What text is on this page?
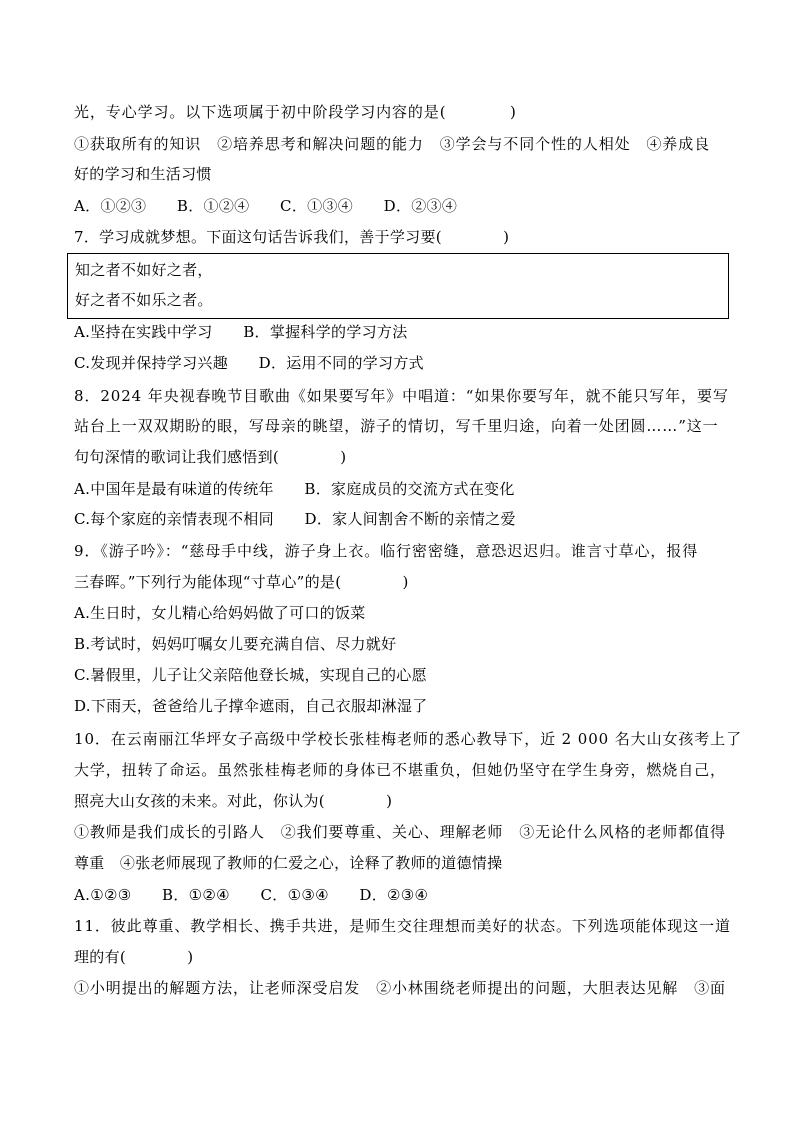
光，专心学习。以下选项属于初中阶段学习内容的是(　　　　)
①获取所有的知识　②培养思考和解决问题的能力　③学会与不同个性的人相处　④养成良
好的学习和生活习惯
A．①②③　　B．①②④　　C．①③④　　D．②③④
7．学习成就梦想。下面这句话告诉我们，善于学习要(　　　　)
知之者不如好之者，
好之者不如乐之者。
A.坚持在实践中学习　　B．掌握科学的学习方法
C.发现并保持学习兴趣　　D．运用不同的学习方式
8．2024 年央视春晚节目歌曲《如果要写年》中唱道：“如果你要写年，就不能只写年，要写
站台上一双双期盼的眼，写母亲的眺望，游子的情切，写千里归途，向着一处团圆……”这一
句句深情的歌词让我们感悟到(　　　　)
A.中国年是最有味道的传统年　　B．家庭成员的交流方式在变化
C.每个家庭的亲情表现不相同　　D．家人间割舍不断的亲情之爱
9．《游子吟》：“慈母手中线，游子身上衣。临行密密缝，意恐迟迟归。谁言寸草心，报得
三春晖。”下列行为能体现“寸草心”的是(　　　　)
A.生日时，女儿精心给妈妈做了可口的饭菜
B.考试时，妈妈叮嘱女儿要充满自信、尽力就好
C.暑假里，儿子让父亲陪他登长城，实现自己的心愿
D.下雨天，爸爸给儿子撑伞遮雨，自己衣服却淋湿了
10．在云南丽江华坪女子高级中学校长张桂梅老师的悉心教导下，近 2 000 名大山女孩考上了
大学，扭转了命运。虽然张桂梅老师的身体已不堪重负，但她仍坚守在学生身旁，燃烧自己，
照亮大山女孩的未来。对此，你认为(　　　　)
①教师是我们成长的引路人　②我们要尊重、关心、理解老师　③无论什么风格的老师都值得
尊重　④张老师展现了教师的仁爱之心，诠释了教师的道德情操
A.①②③　　B．①②④　　C．①③④　　D．②③④
11．彼此尊重、教学相长、携手共进，是师生交往理想而美好的状态。下列选项能体现这一道
理的有(　　　　)
①小明提出的解题方法，让老师深受启发　②小林围绕老师提出的问题，大胆表达见解　③面
